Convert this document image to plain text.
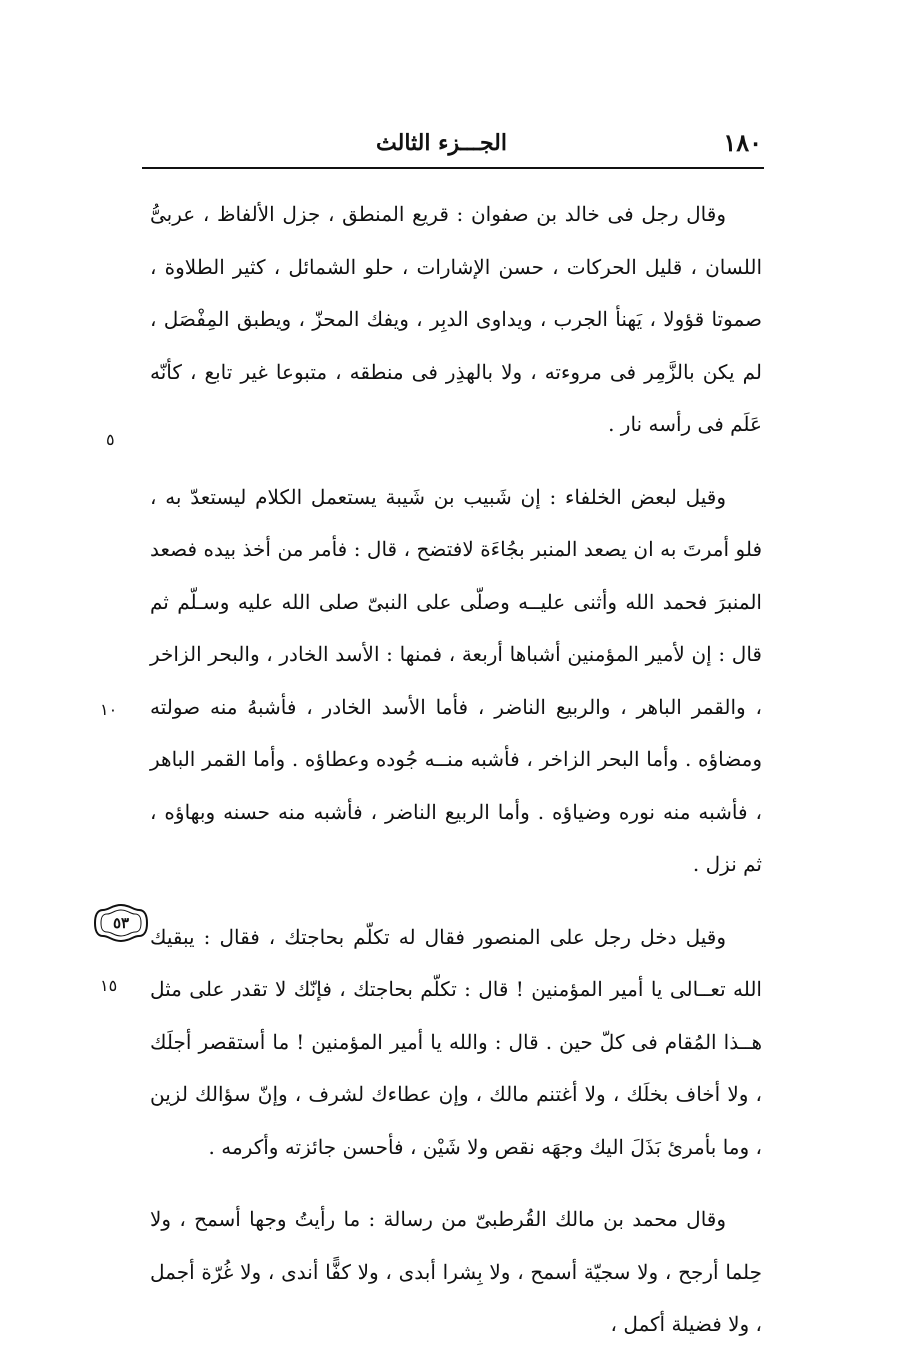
١٨٠
الجـــزء الثالث

وقال رجل فى خالد بن صفوان : قريع المنطق ، جزل الألفاظ ، عربىُّ اللسان ، قليل الحركات ، حسن الإشارات ، حلو الشمائل ، كثير الطلاوة ، صموتا قؤولا ، يَهنأ الجرب ، ويداوى الدبِر ، ويفك المحزّ ، ويطبق المِفْصَل ، لم يكن بالزَّمِر فى مروءته ، ولا بالهذِر فى منطقه ، متبوعا غير تابع ، كأنّه عَلَم فى رأسه نار .

وقيل لبعض الخلفاء : إن شَبيب بن شَيبة يستعمل الكلام ليستعدّ به ، فلو أمرتَ به ان يصعد المنبر بجُاءَة لافتضح ، قال : فأمر من أخذ بيده فصعد المنبرَ فحمد الله وأثنى عليــه وصلّى على النبىّ صلى الله عليه وسـلّم ثم قال : إن لأمير المؤمنين أشباها أربعة ، فمنها : الأسد الخادر ، والبحر الزاخر ، والقمر الباهر ، والربيع الناضر ، فأما الأسد الخادر ، فأشبهُ منه صولته ومضاؤه . وأما البحر الزاخر ، فأشبه منــه جُوده وعطاؤه . وأما القمر الباهر ، فأشبه منه نوره وضياؤه . وأما الربيع الناضر ، فأشبه منه حسنه وبهاؤه ، ثم نزل .

وقيل دخل رجل على المنصور فقال له تكلّم بحاجتك ، فقال : يبقيك الله تعــالى يا أمير المؤمنين ! قال : تكلّم بحاجتك ، فإنّك لا تقدر على مثل هــذا المُقام فى كلّ حين . قال : والله يا أمير المؤمنين ! ما أستقصر أجلَك ، ولا أخاف بخلَك ، ولا أغتنم مالك ، وإن عطاءك لشرف ، وإنّ سؤالك لزين ، وما بأمرئ بَذَلَ اليك وجهَه نقص ولا شَيْن ، فأحسن جائزته وأكرمه .

وقال محمد بن مالك القُرطبىّ من رسالة : ما رأيتُ وجها أسمح ، ولا حِلما أرجح ، ولا سجيّة أسمح ، ولا بِشرا أبدى ، ولا كفًّا أندى ، ولا غُرّة أجمل ، ولا فضيلة أكمل ،

٥
١٠
١٥
٥٣
